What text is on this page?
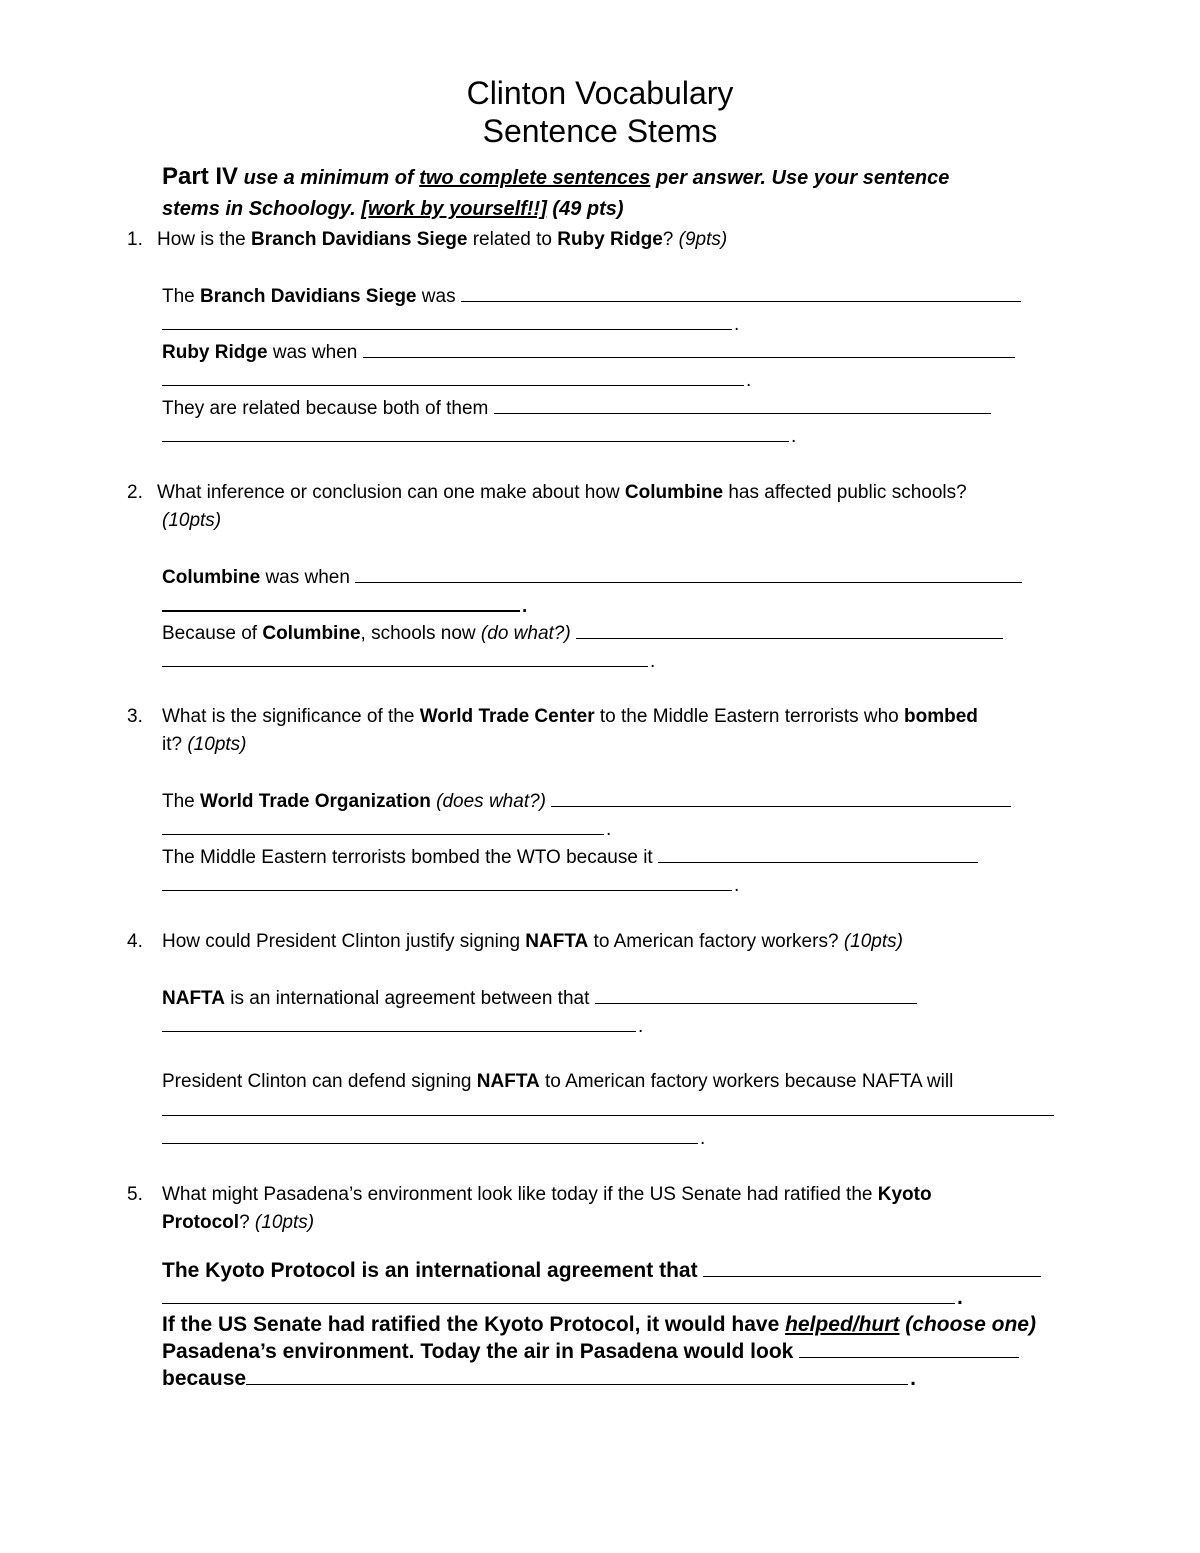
Clinton Vocabulary
Sentence Stems
Part IV use a minimum of two complete sentences per answer. Use your sentence
stems in Schoology. [work by yourself!!] (49 pts)
1. How is the Branch Davidians Siege related to Ruby Ridge? (9pts)
The Branch Davidians Siege was
.
Ruby Ridge was when
.
They are related because both of them
.
2. What inference or conclusion can one make about how Columbine has affected public schools?
(10pts)
Columbine was when
.
Because of Columbine, schools now (do what?)
.
3. What is the significance of the World Trade Center to the Middle Eastern terrorists who bombed
it? (10pts)
The World Trade Organization (does what?)
.
The Middle Eastern terrorists bombed the WTO because it
.
4. How could President Clinton justify signing NAFTA to American factory workers? (10pts)
NAFTA is an international agreement between that
.
President Clinton can defend signing NAFTA to American factory workers because NAFTA will
.
5. What might Pasadena’s environment look like today if the US Senate had ratified the Kyoto
Protocol? (10pts)
The Kyoto Protocol is an international agreement that
.
If the US Senate had ratified the Kyoto Protocol, it would have helped/hurt (choose one)
Pasadena’s environment. Today the air in Pasadena would look
because	.
